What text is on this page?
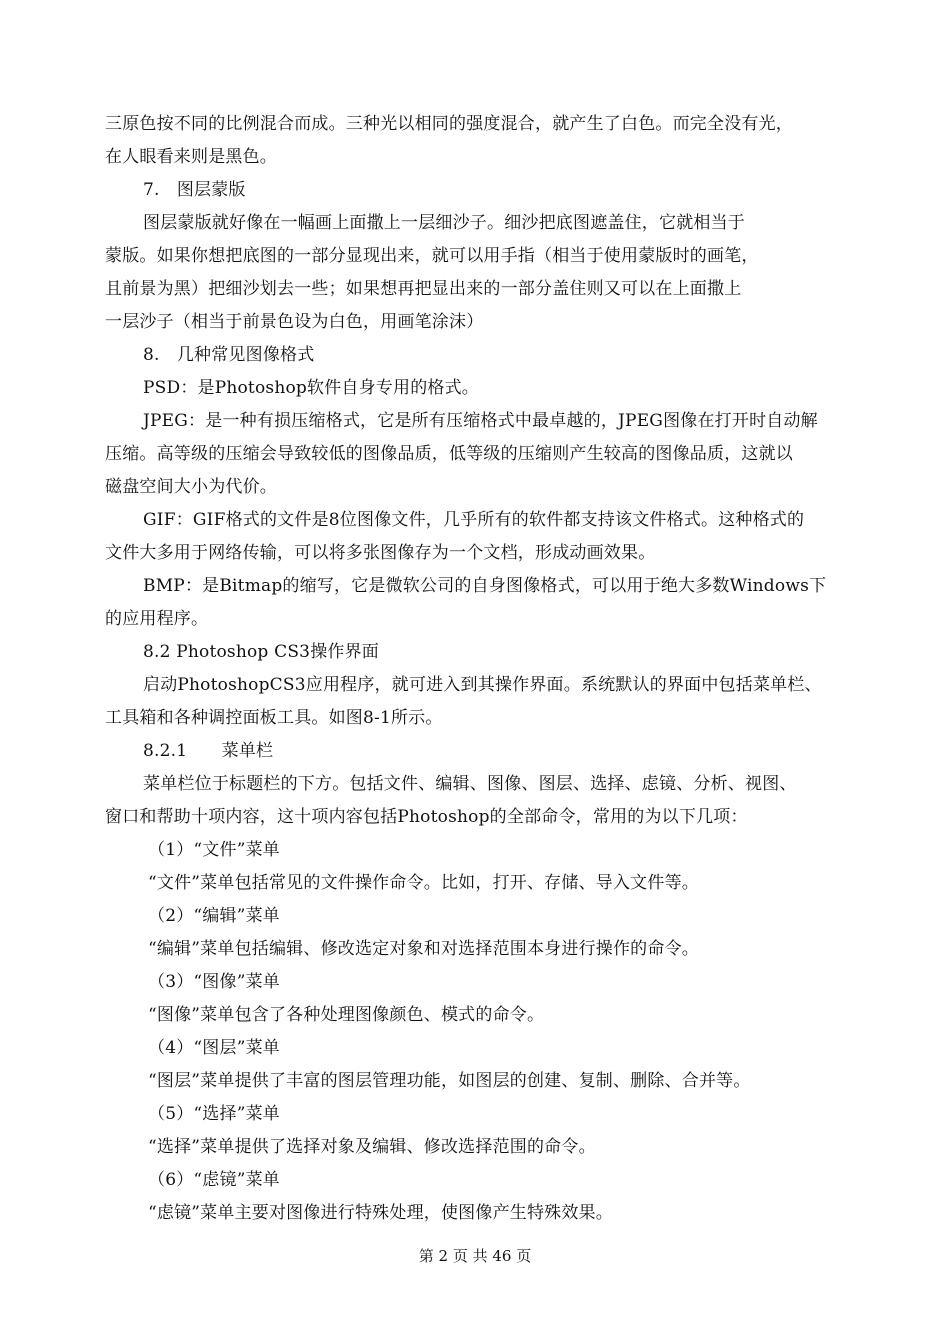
三原色按不同的比例混合而成。三种光以相同的强度混合，就产生了白色。而完全没有光，
在人眼看来则是黑色。
7.　图层蒙版
图层蒙版就好像在一幅画上面撒上一层细沙子。细沙把底图遮盖住，它就相当于
蒙版。如果你想把底图的一部分显现出来，就可以用手指（相当于使用蒙版时的画笔，
且前景为黑）把细沙划去一些；如果想再把显出来的一部分盖住则又可以在上面撒上
一层沙子（相当于前景色设为白色，用画笔涂沫）
8.　几种常见图像格式
PSD：是Photoshop软件自身专用的格式。
JPEG：是一种有损压缩格式，它是所有压缩格式中最卓越的，JPEG图像在打开时自动解
压缩。高等级的压缩会导致较低的图像品质，低等级的压缩则产生较高的图像品质，这就以
磁盘空间大小为代价。
GIF：GIF格式的文件是8位图像文件，几乎所有的软件都支持该文件格式。这种格式的
文件大多用于网络传输，可以将多张图像存为一个文档，形成动画效果。
BMP：是Bitmap的缩写，它是微软公司的自身图像格式，可以用于绝大多数Windows下
的应用程序。
8.2 Photoshop CS3操作界面
启动PhotoshopCS3应用程序，就可进入到其操作界面。系统默认的界面中包括菜单栏、
工具箱和各种调控面板工具。如图8-1所示。
8.2.1　　菜单栏
菜单栏位于标题栏的下方。包括文件、编辑、图像、图层、选择、虑镜、分析、视图、
窗口和帮助十项内容，这十项内容包括Photoshop的全部命令，常用的为以下几项：
（1）“文件”菜单
“文件”菜单包括常见的文件操作命令。比如，打开、存储、导入文件等。
（2）“编辑”菜单
“编辑”菜单包括编辑、修改选定对象和对选择范围本身进行操作的命令。
（3）“图像”菜单
“图像”菜单包含了各种处理图像颜色、模式的命令。
（4）“图层”菜单
“图层”菜单提供了丰富的图层管理功能，如图层的创建、复制、删除、合并等。
（5）“选择”菜单
“选择”菜单提供了选择对象及编辑、修改选择范围的命令。
（6）“虑镜”菜单
“虑镜”菜单主要对图像进行特殊处理，使图像产生特殊效果。
第 2 页 共 46 页
